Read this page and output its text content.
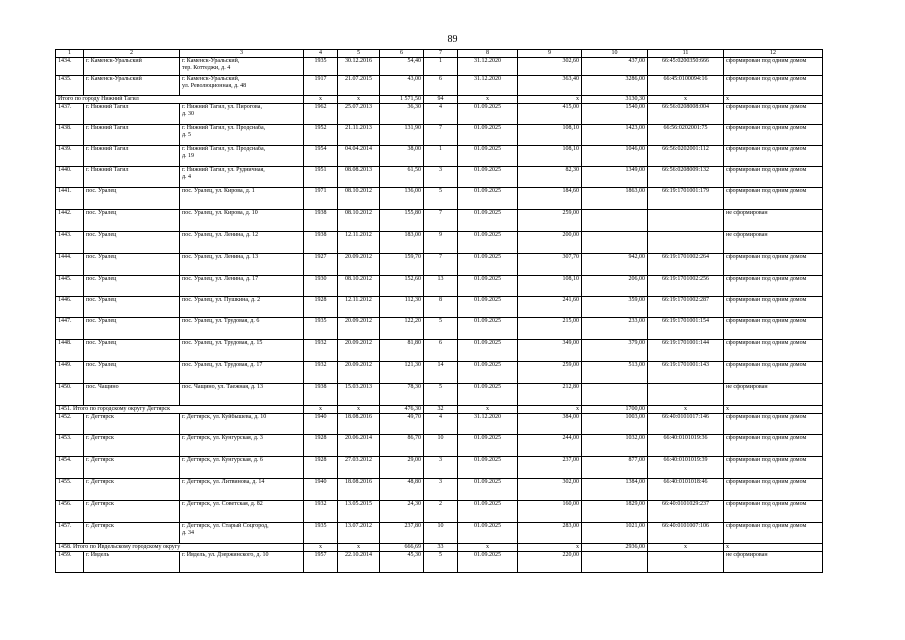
89
1	2	3	4	5	6	7	8	9	10	11	12
1434.	г. Каменск-Уральский	г. Каменск-Уральский,
тер. Коттеджи, д. 4	1935	30.12.2016	54,40	1	31.12.2020	302,60	437,00	66:45:0200350:666	сформирован под одним домом
1435.	г. Каменск-Уральский	г. Каменск-Уральский,
ул. Революционная, д. 48	1917	21.07.2015	43,00	6	31.12.2020	363,40	3286,00	66:45:0100094:16	сформирован под одним домом
Итого по городу Нижний Тагил			x	x	1 571,50	94	x	x	3130,30	x	x
1437.	г. Нижний Тагил	г. Нижний Тагил, ул. Пирогова,
д. 30	1962	25.07.2013	36,30	4	01.09.2025	415,00	1540,00	66:56:0208008:004	сформирован под одним домом
1438.	г. Нижний Тагил	г. Нижний Тагил, ул. Продснаба,
д. 5	1952	21.11.2013	131,90	7	01.09.2025	108,10	1423,00	66:56:0202001:75	сформирован под одним домом
1439.	г. Нижний Тагил	г. Нижний Тагил, ул. Продснаба,
д. 19	1954	04.04.2014	38,00	1	01.09.2025	108,10	1046,00	66:56:0202001:112	сформирован под одним домом
1440.	г. Нижний Тагил	г. Нижний Тагил, ул. Рудничная,
д. 4	1951	08.08.2013	61,50	3	01.09.2025	82,30	1349,00	66:56:0208009:132	сформирован под одним домом
1441.	пос. Уралец	пос. Уралец, ул. Кирова, д. 1	1971	08.10.2012	136,00	5	01.09.2025	184,60	1863,00	66:19:1701001:179	сформирован под одним домом
1442.	пос. Уралец	пос. Уралец, ул. Кирова, д. 10	1938	08.10.2012	155,80	7	01.09.2025	259,00			не сформирован
1443.	пос. Уралец	пос. Уралец, ул. Ленина, д. 12	1938	12.11.2012	183,00	9	01.09.2025	200,00			не сформирован
1444.	пос. Уралец	пос. Уралец, ул. Ленина, д. 13	1927	20.09.2012	159,70	7	01.09.2025	307,70	942,00	66:19:1701002:264	сформирован под одним домом
1445.	пос. Уралец	пос. Уралец, ул. Ленина, д. 17	1930	08.10.2012	152,60	13	01.09.2025	108,10	206,00	66:19:1701002:256	сформирован под одним домом
1446.	пос. Уралец	пос. Уралец, ул. Пушкина, д. 2	1928	12.11.2012	112,30	8	01.09.2025	241,60	359,00	66:19:1701002:287	сформирован под одним домом
1447.	пос. Уралец	пос. Уралец, ул. Трудовая, д. 6	1935	20.09.2012	122,20	5	01.09.2025	215,00	233,00	66:19:1701001:154	сформирован под одним домом
1448.	пос. Уралец	пос. Уралец, ул. Трудовая, д. 15	1932	20.09.2012	81,80	6	01.09.2025	349,00	379,00	66:19:1701001:144	сформирован под одним домом
1449.	пос. Уралец	пос. Уралец, ул. Трудовая, д. 17	1932	20.09.2012	121,30	14	01.09.2025	259,00	513,00	66:19:1701001:143	сформирован под одним домом
1450.	пос. Чащино	пос. Чащино, ул. Таежная, д. 13	1938	15.03.2013	78,30	5	01.09.2025	212,80			не сформирован
1451. Итого по городскому округу Дегтярск			x	x	476,30	32	x	x	1700,00	x	x
1452.	г. Дегтярск	г. Дегтярск, ул. Куйбышева, д. 10	1940	18.08.2016	49,70	4	31.12.2020	384,00	1003,00	66:40:0101017:146	сформирован под одним домом
1453.	г. Дегтярск	г. Дегтярск, ул. Кунгурская, д. 3	1928	20.06.2014	86,70	10	01.09.2025	244,00	1032,00	66:40:0101019:36	сформирован под одним домом
1454.	г. Дегтярск	г. Дегтярск, ул. Кунгурская, д. 6	1928	27.03.2012	29,00	3	01.09.2025	237,00	877,00	66:40:0101019:39	сформирован под одним домом
1455.	г. Дегтярск	г. Дегтярск, ул. Литвинова, д. 14	1940	18.08.2016	48,80	3	01.09.2025	302,00	1384,00	66:40:0101018:46	сформирован под одним домом
1456.	г. Дегтярск	г. Дегтярск, ул. Советская, д. 82	1932	13.05.2015	24,30	2	01.09.2025	160,00	1829,00	66:40:0101029:237	сформирован под одним домом
1457.	г. Дегтярск	г. Дегтярск, ул. Старый Соцгород,
д. 34	1935	13.07.2012	237,80	10	01.09.2025	283,00	1021,00	66:40:0101007:106	сформирован под одним домом
1458. Итого по Ивдельскому городскому округу			x	x	666,69	33	x	x	2936,00	x	x
1459.	г. Ивдель	г. Ивдель, ул. Дзержинского, д. 10	1957	22.10.2014	45,30	5	01.09.2025	220,00			не сформирован
